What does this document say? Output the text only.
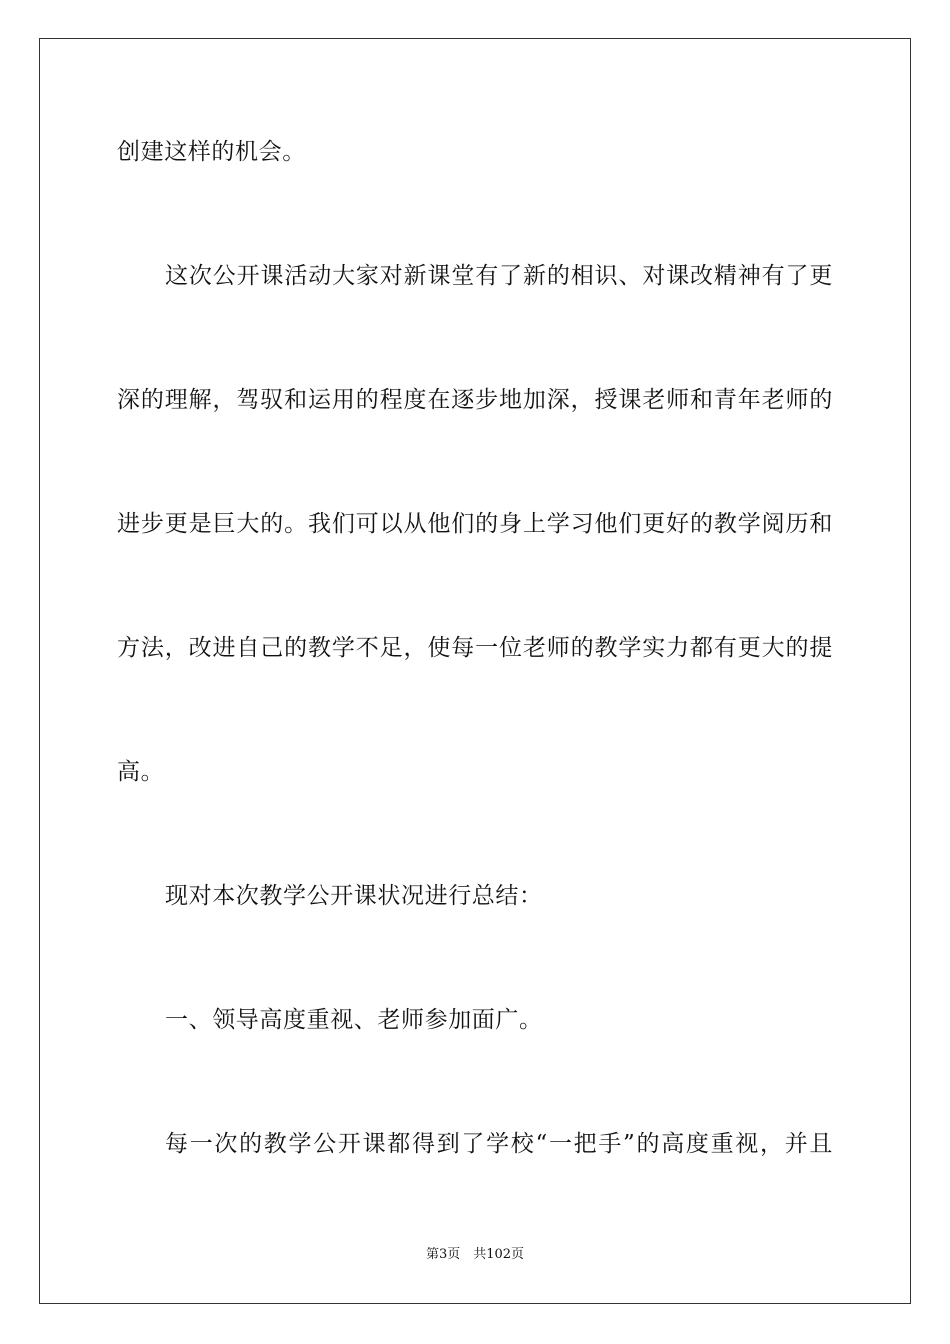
创建这样的机会。
这次公开课活动大家对新课堂有了新的相识、对课改精神有了更
深的理解，驾驭和运用的程度在逐步地加深，授课老师和青年老师的
进步更是巨大的。我们可以从他们的身上学习他们更好的教学阅历和
方法，改进自己的教学不足，使每一位老师的教学实力都有更大的提
高。
现对本次教学公开课状况进行总结：
一、领导高度重视、老师参加面广。
每一次的教学公开课都得到了学校“一把手”的高度重视，并且
第3页　共102页
